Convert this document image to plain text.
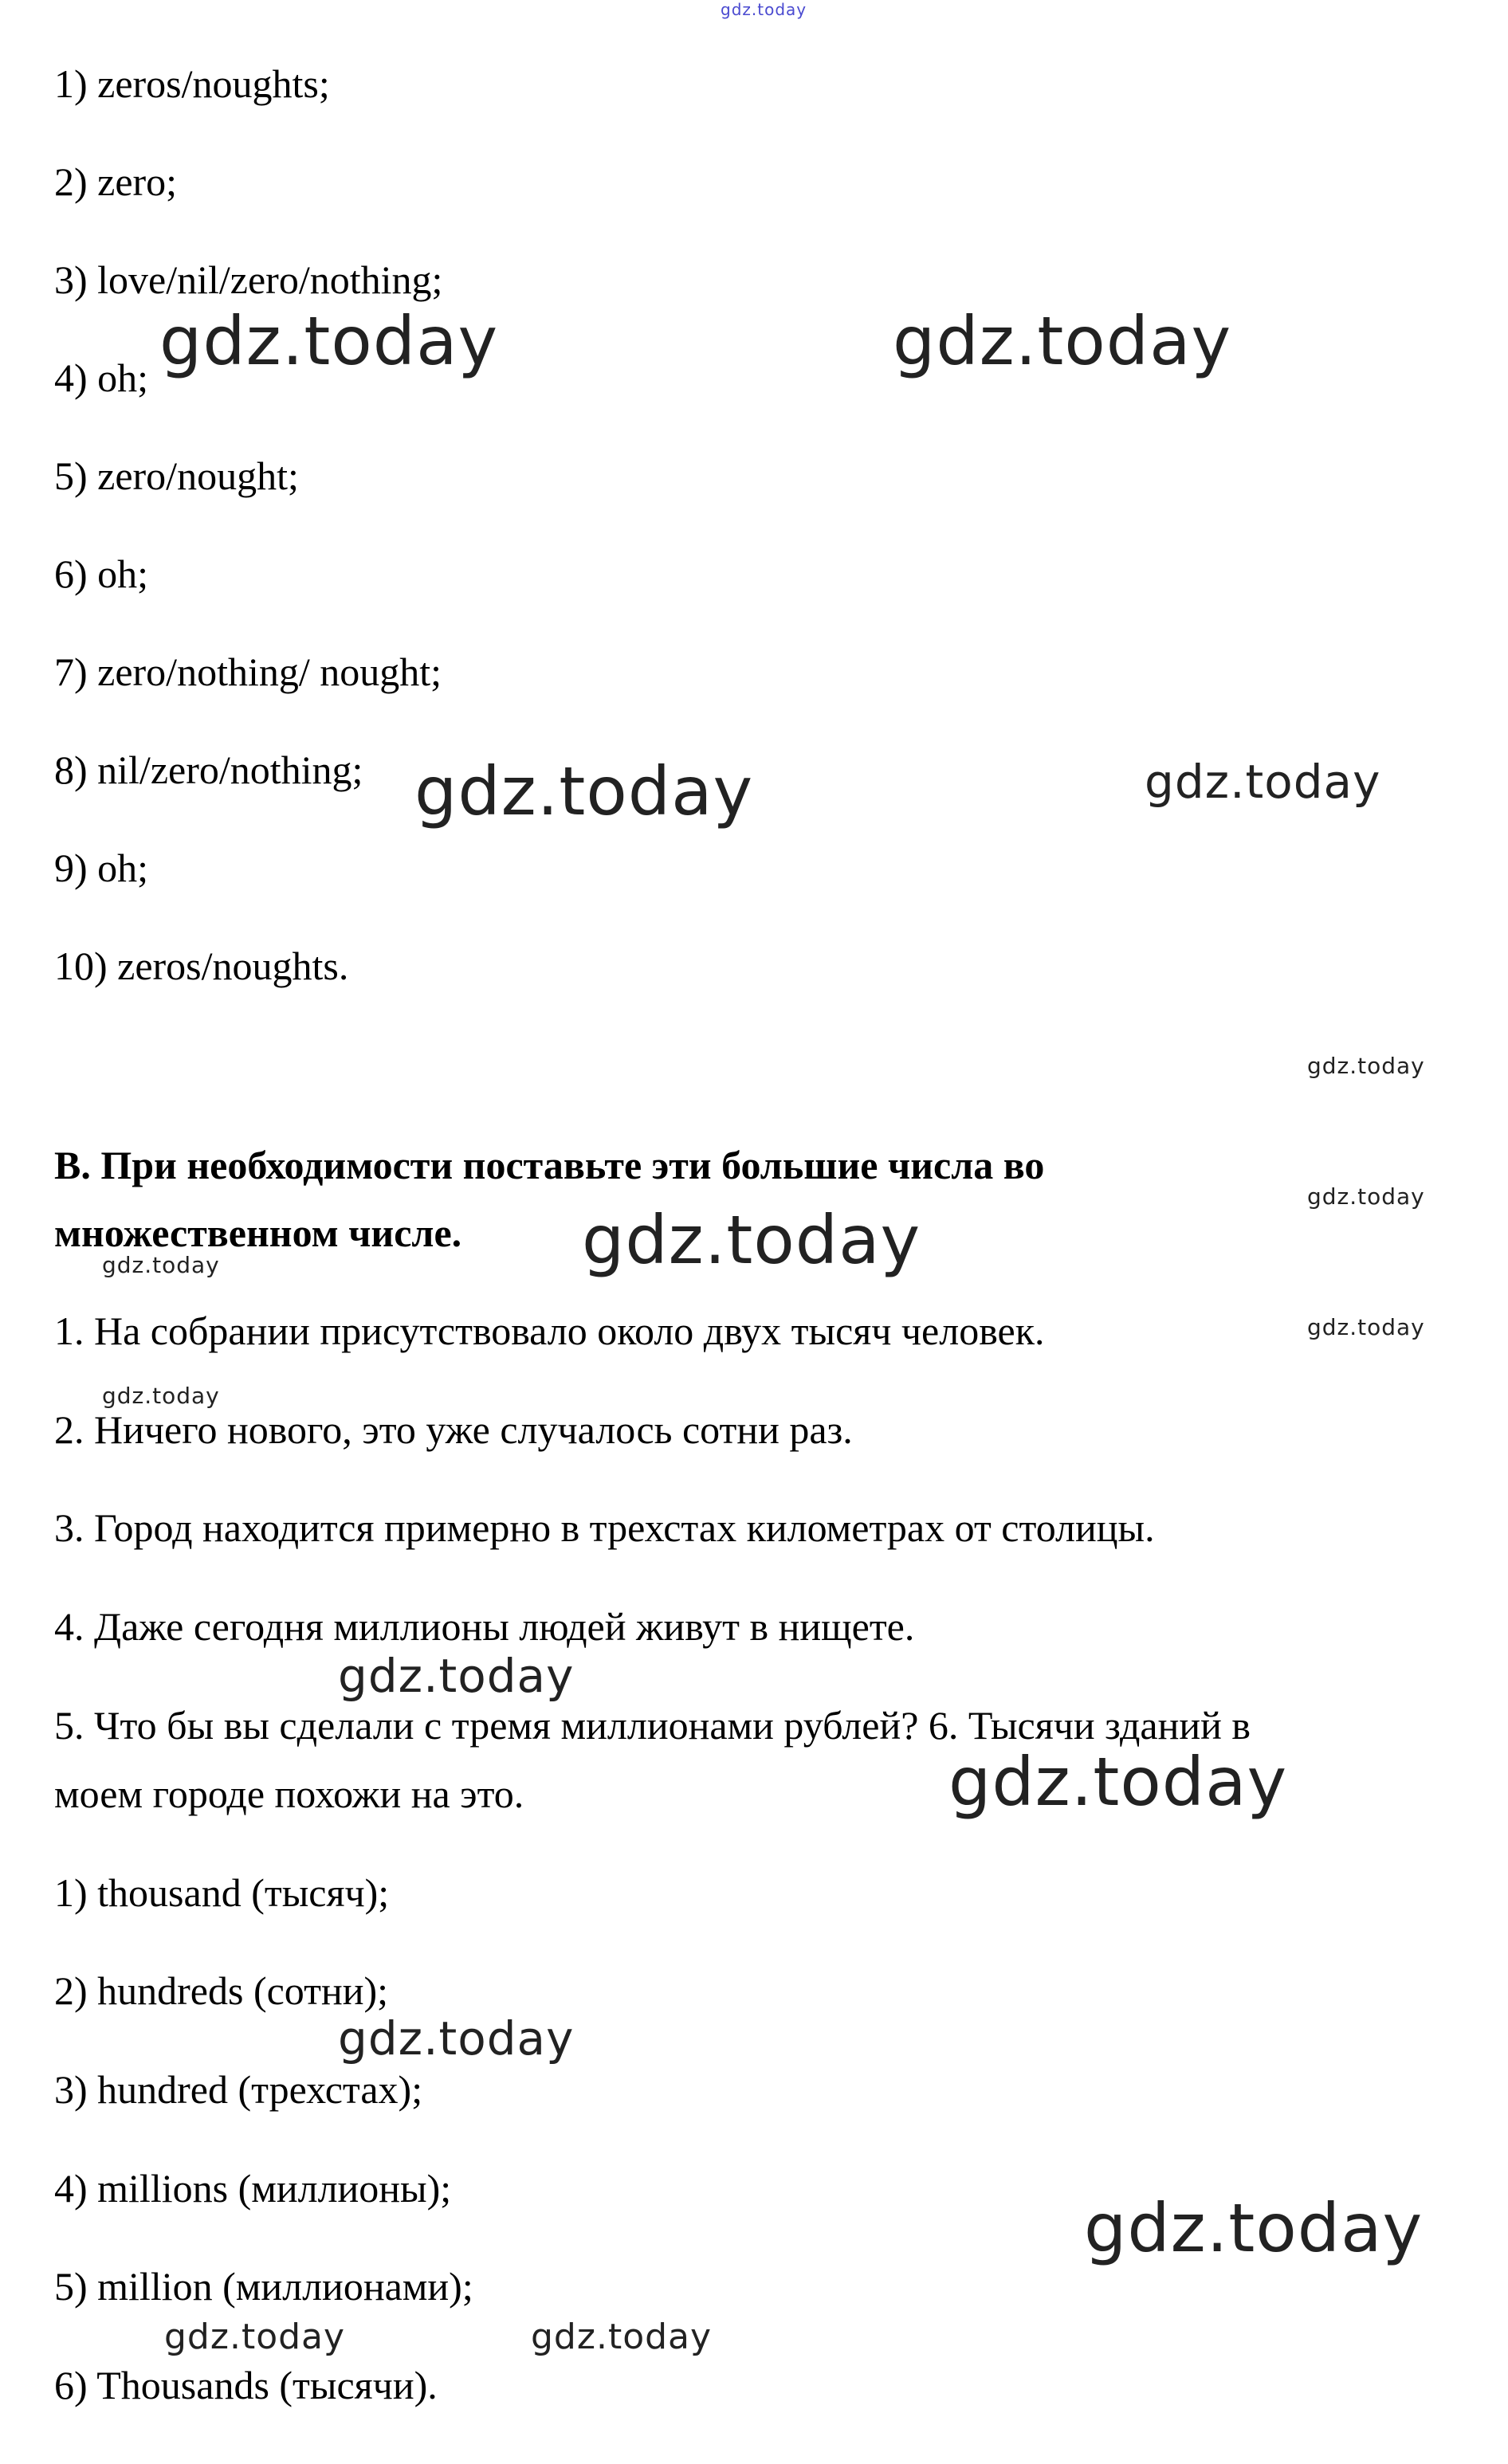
gdz.today
1) zeros/noughts;
2) zero;
3) love/nil/zero/nothing;
4) oh;
5) zero/nought;
6) oh;
7) zero/nothing/ nought;
8) nil/zero/nothing;
9) oh;
10) zeros/noughts.
B. При необходимости поставьте эти большие числа во
множественном числе.
1. На собрании присутствовало около двух тысяч человек.
2. Ничего нового, это уже случалось сотни раз.
3. Город находится примерно в трехстах километрах от столицы.
4. Даже сегодня миллионы людей живут в нищете.
5. Что бы вы сделали с тремя миллионами рублей? 6. Тысячи зданий в
моем городе похожи на это.
1) thousand (тысяч);
2) hundreds (сотни);
3) hundred (трехстах);
4) millions (миллионы);
5) million (миллионами);
6) Thousands (тысячи).
gdz.today	gdz.today
gdz.today	gdz.today
gdz.today
gdz.today
gdz.today
gdz.today
gdz.today
gdz.today
gdz.today
gdz.today
gdz.today
gdz.today
gdz.today	gdz.today
